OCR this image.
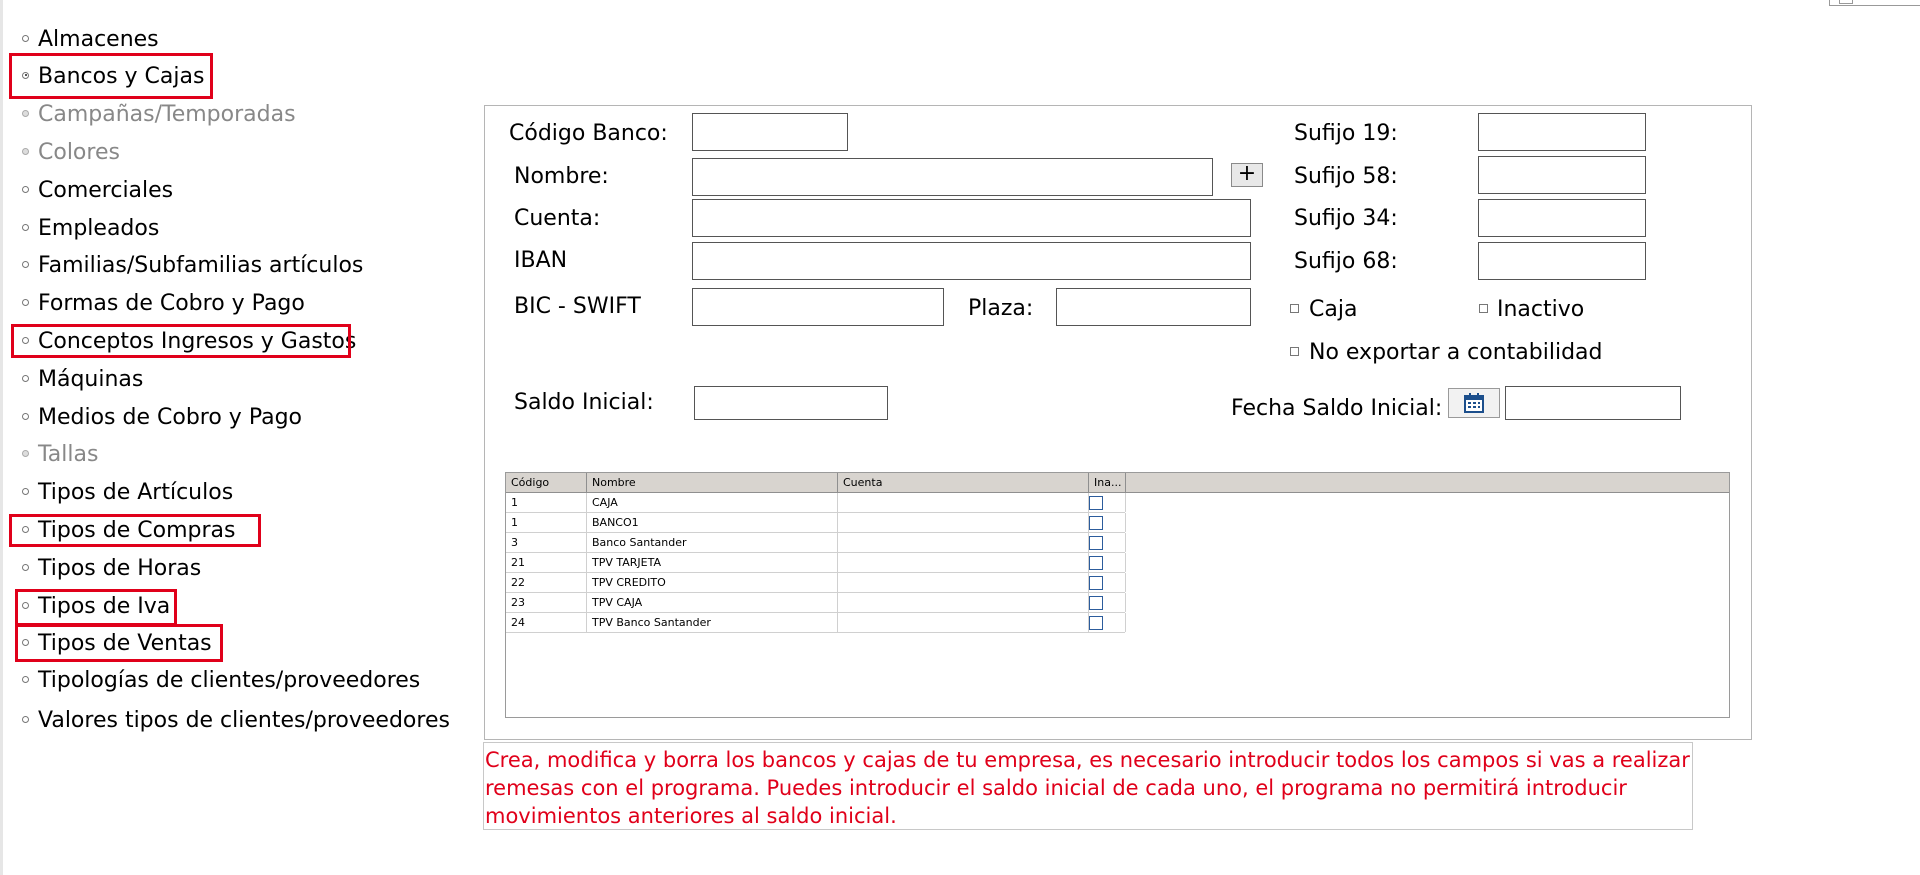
Almacenes
Bancos y Cajas
Campañas/Temporadas
Colores
Comerciales
Empleados
Familias/Subfamilias artículos
Formas de Cobro y Pago
Conceptos Ingresos y Gastos
Máquinas
Medios de Cobro y Pago
Tallas
Tipos de Artículos
Tipos de Compras
Tipos de Horas
Tipos de Iva
Tipos de Ventas
Tipologías de clientes/proveedores
Valores tipos de clientes/proveedores
Código Banco:
Nombre:	+
Cuenta:
IBAN
BIC - SWIFT	Plaza:
Sufijo 19:
Sufijo 58:
Sufijo 34:
Sufijo 68:
Caja	Inactivo
No exportar a contabilidad
Saldo Inicial:	Fecha Saldo Inicial:
Código	Nombre	Cuenta	Ina...
1	CAJA
1	BANCO1
3	Banco Santander
21	TPV TARJETA
22	TPV CREDITO
23	TPV CAJA
24	TPV Banco Santander
Crea, modifica y borra los bancos y cajas de tu empresa, es necesario introducir todos los campos si vas a realizar remesas con el programa. Puedes introducir el saldo inicial de cada uno, el programa no permitirá introducir movimientos anteriores al saldo inicial.
